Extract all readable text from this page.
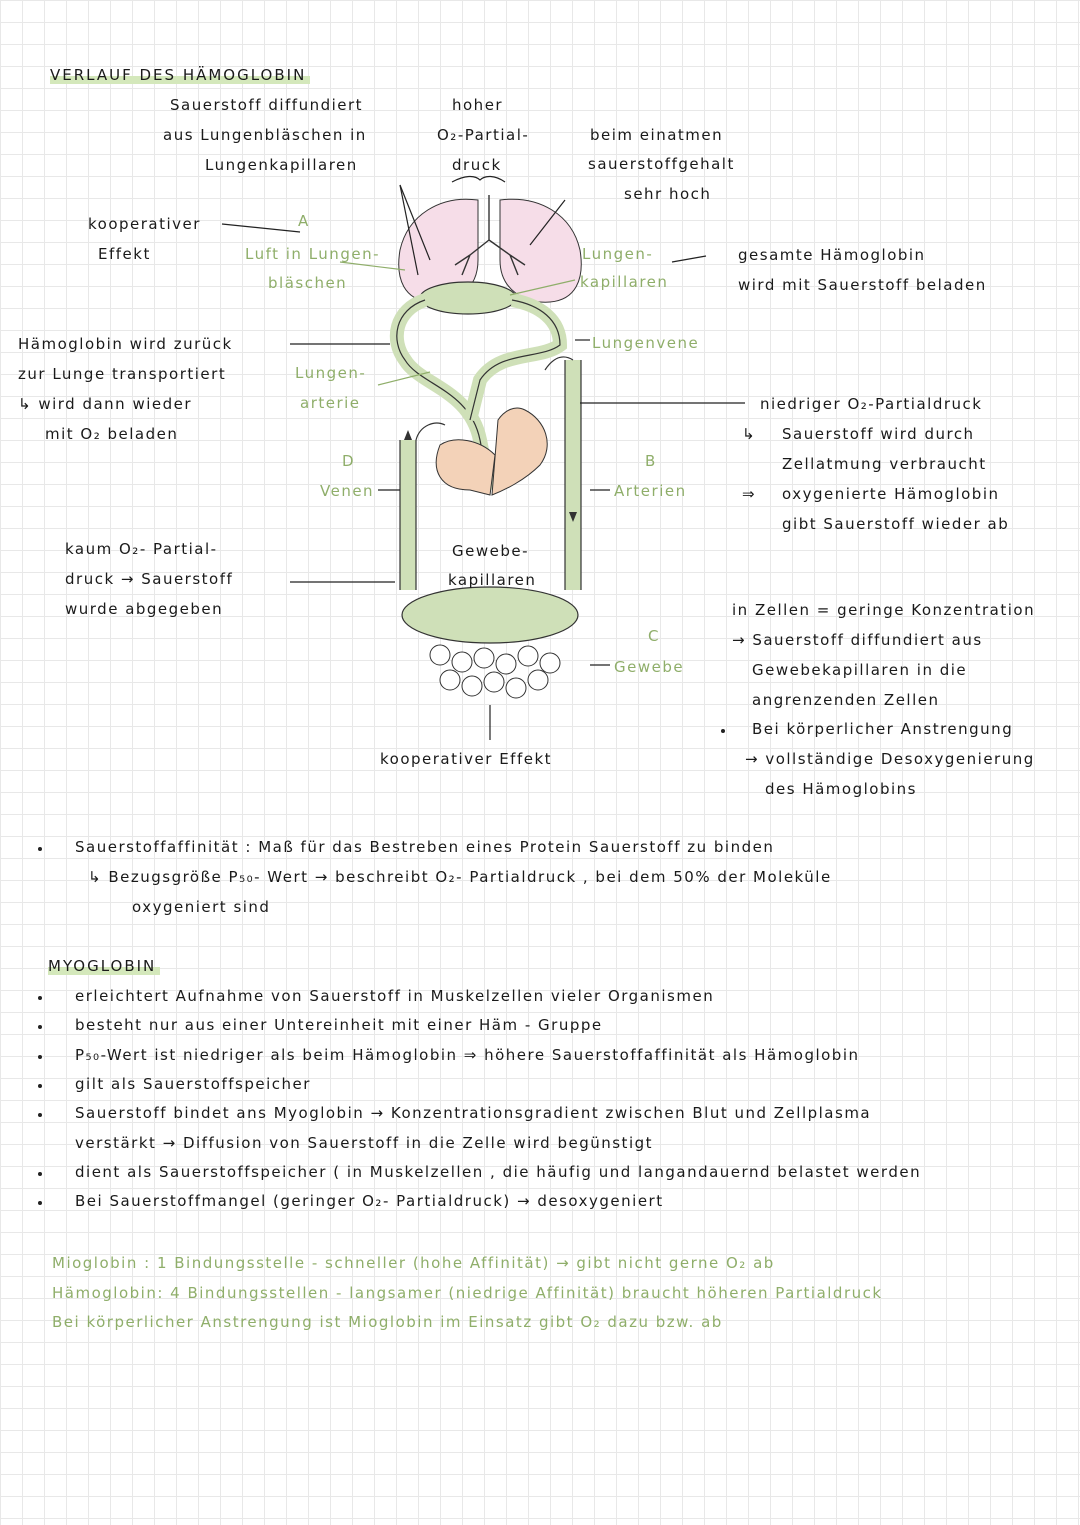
VERLAUF DES HÄMOGLOBIN
Sauerstoff diffundiert
aus Lungenbläschen in
Lungenkapillaren
hoher
O₂-Partial-
druck
beim einatmen
sauerstoffgehalt
sehr hoch
kooperativer
Effekt
A
Luft in Lungen-
bläschen
Lungen-
kapillaren
gesamte Hämoglobin
wird mit Sauerstoff beladen
Hämoglobin wird zurück
zur Lunge transportiert
↳ wird dann wieder
mit O₂ beladen
Lungen-
arterie
Lungenvene
niedriger O₂-Partialdruck
↳ Sauerstoff wird durch
Zellatmung verbraucht
⇒ oxygenierte Hämoglobin
gibt Sauerstoff wieder ab
D
Venen
B
Arterien
kaum O₂- Partial-
druck → Sauerstoff
wurde abgegeben
Gewebe-
kapillaren
in Zellen = geringe Konzentration
→ Sauerstoff diffundiert aus
Gewebekapillaren in die
angrenzenden Zellen
C
Gewebe
Bei körperlicher Anstrengung
→ vollständige Desoxygenierung
des Hämoglobins
kooperativer Effekt
Sauerstoffaffinität : Maß für das Bestreben eines Protein Sauerstoff zu binden
↳ Bezugsgröße P₅₀- Wert → beschreibt O₂- Partialdruck , bei dem 50% der Moleküle
oxygeniert sind
MYOGLOBIN
erleichtert Aufnahme von Sauerstoff in Muskelzellen vieler Organismen
besteht nur aus einer Untereinheit mit einer Häm - Gruppe
P₅₀-Wert ist niedriger als beim Hämoglobin ⇒ höhere Sauerstoffaffinität als Hämoglobin
gilt als Sauerstoffspeicher
Sauerstoff bindet ans Myoglobin → Konzentrationsgradient zwischen Blut und Zellplasma
verstärkt → Diffusion von Sauerstoff in die Zelle wird begünstigt
dient als Sauerstoffspeicher ( in Muskelzellen , die häufig und langandauernd belastet werden
Bei Sauerstoffmangel (geringer O₂- Partialdruck) → desoxygeniert
Mioglobin : 1 Bindungsstelle - schneller (hohe Affinität) → gibt nicht gerne O₂ ab
Hämoglobin: 4 Bindungsstellen - langsamer (niedrige Affinität) braucht höheren Partialdruck
Bei körperlicher Anstrengung ist Mioglobin im Einsatz gibt O₂ dazu bzw. ab
